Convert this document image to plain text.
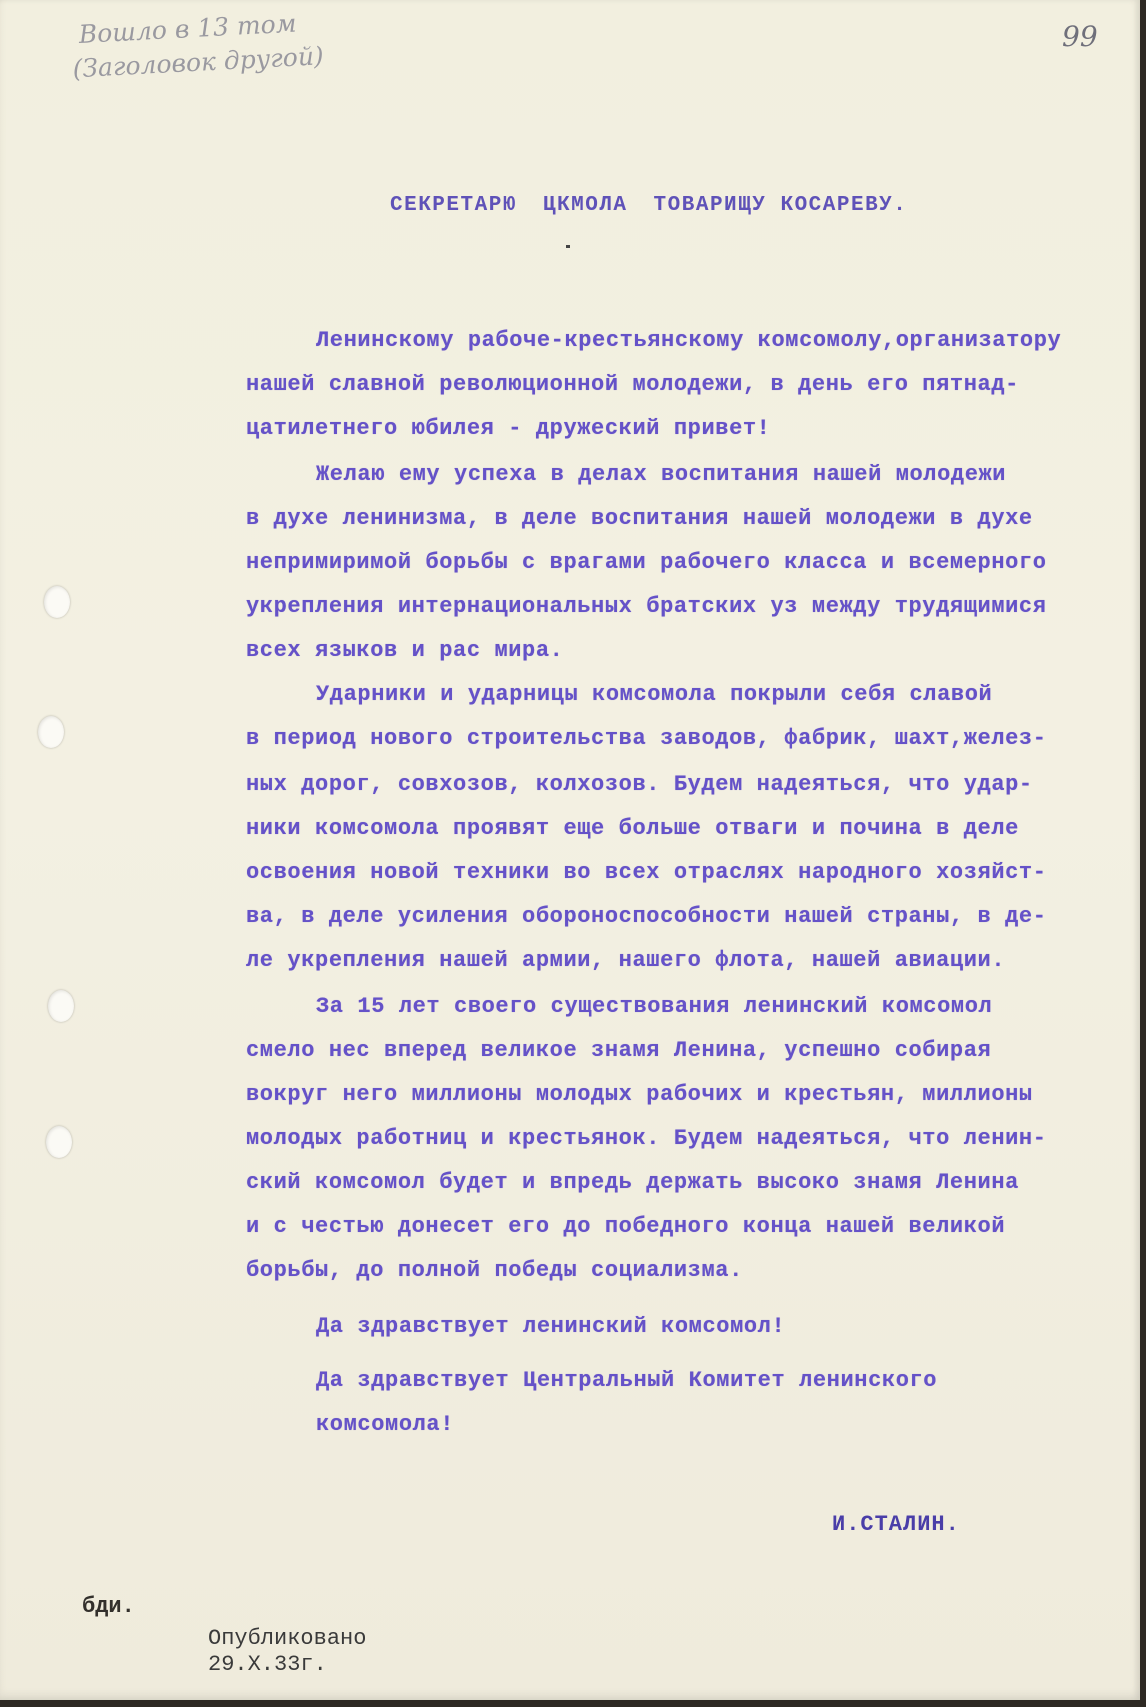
Вошло в 13 том
(Заголовок другой)
99
СЕКРЕТАРЮ ЦКМОЛА ТОВАРИЩУ КОСАРЕВУ.
Ленинскому рабоче-крестьянскому комсомолу,организатору
нашей славной революционной молодежи, в день его пятнад-
цатилетнего юбилея - дружеский привет!
Желаю ему успеха в делах воспитания нашей молодежи
в духе ленинизма, в деле воспитания нашей молодежи в духе
непримиримой борьбы с врагами рабочего класса и всемерного
укрепления интернациональных братских уз между трудящимися
всех языков и рас мира.
Ударники и ударницы комсомола покрыли себя славой
в период нового строительства заводов, фабрик, шахт,желез-
ных дорог, совхозов, колхозов. Будем надеяться, что удар-
ники комсомола проявят еще больше отваги и почина в деле
освоения новой техники во всех отраслях народного хозяйст-
ва, в деле усиления обороноспособности нашей страны, в де-
ле укрепления нашей армии, нашего флота, нашей авиации.
За 15 лет своего существования ленинский комсомол
смело нес вперед великое знамя Ленина, успешно собирая
вокруг него миллионы молодых рабочих и крестьян, миллионы
молодых работниц и крестьянок. Будем надеяться, что ленин-
ский комсомол будет и впредь держать высоко знамя Ленина
и с честью донесет его до победного конца нашей великой
борьбы, до полной победы социализма.
Да здравствует ленинский комсомол!
Да здравствует Центральный Комитет ленинского
комсомола!
И.СТАЛИН.
бди.
Опубликовано
29.X.33г.
